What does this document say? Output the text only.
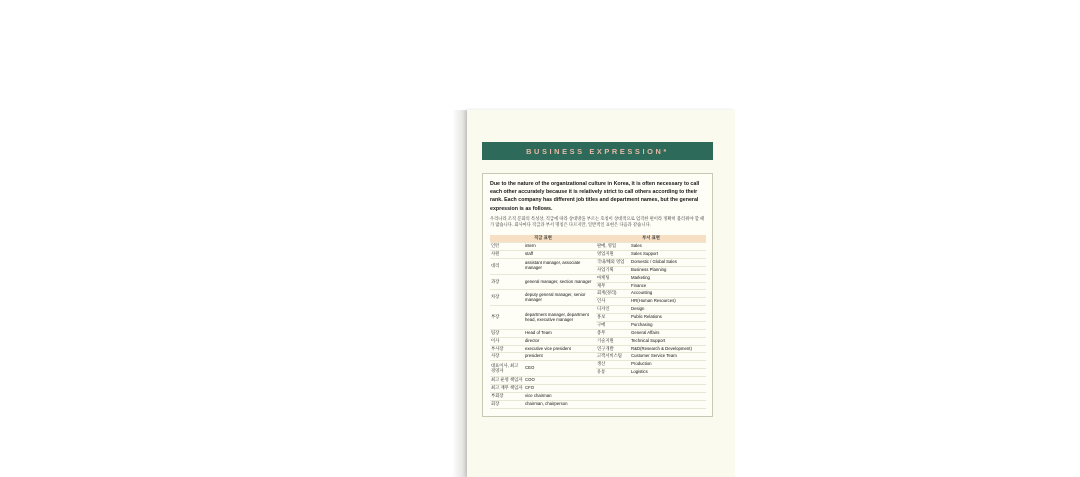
BUSINESS EXPRESSION*
Due to the nature of the organizational culture in Korea, it is often necessary to call each other accurately because it is relatively strict to call others according to their rank. Each company has different job titles and department names, but the general expression is as follows.
우리나라 조직 문화의 특성상, 직급에 따라 상대방을 부르는 호칭이 상대적으로 엄격한 편이라 정확히 불러줘야 할 때가 많습니다. 회사마다 직급과 부서 명칭은 다르지만, 일반적인 표현은 다음과 같습니다.
직급 표현		부서 표현	
인턴	intern	판매, 영업	Sales
사원	staff	영업지원	Sales Support
대리	assistant manager, associate manager	국내/해외 영업	Domestic / Global Sales
		사업기획	Business Planning
과장	general manager, section manager	마케팅	Marketing
		재무	Finance
차장	deputy general manager, senior manager	회계(경리)	Accounting
		인사	HR(Human Resources)
부장	department manager, department head, executive manager	디자인	Design
		홍보	Public Relations
		구매	Purchasing
팀장	Head of Team	총무	General Affairs
이사	director	기술지원	Technical Support
부사장	executive vice president	연구개발	R&D(Research & Development)
사장	president	고객서비스팀	Customer Service Team
대표이사, 최고 경영자	CEO	생산	Production
		유통	Logistics
최고 운영 책임자	COO		
최고 재무 책임자	CFO		
부회장	vice chairman		
회장	chairman, chairperson		
